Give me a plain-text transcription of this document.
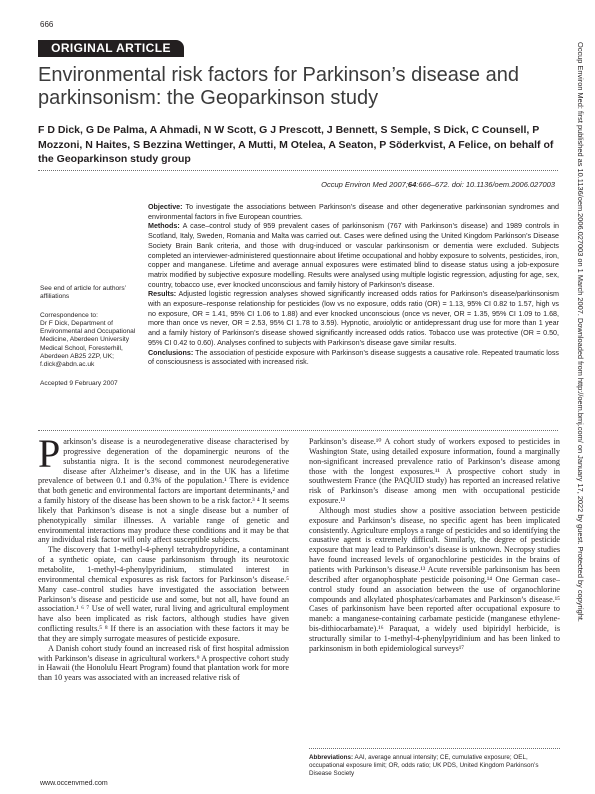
666
ORIGINAL ARTICLE
Environmental risk factors for Parkinson’s disease and parkinsonism: the Geoparkinson study
F D Dick, G De Palma, A Ahmadi, N W Scott, G J Prescott, J Bennett, S Semple, S Dick, C Counsell, P Mozzoni, N Haites, S Bezzina Wettinger, A Mutti, M Otelea, A Seaton, P Söderkvist, A Felice, on behalf of the Geoparkinson study group
Occup Environ Med 2007;64:666–672. doi: 10.1136/oem.2006.027003

See end of article for authors’ affiliations

Correspondence to:

Dr F Dick, Department of Environmental and Occupational Medicine, Aberdeen University Medical School, Foresterhill, Aberdeen AB25 2ZP, UK; f.dick@abdn.ac.uk

Accepted 9 February 2007

Objective: To investigate the associations between Parkinson’s disease and other degenerative parkinsonian syndromes and environmental factors in five European countries.

Methods: A case–control study of 959 prevalent cases of parkinsonism (767 with Parkinson’s disease) and 1989 controls in Scotland, Italy, Sweden, Romania and Malta was carried out. Cases were defined using the United Kingdom Parkinson’s Disease Society Brain Bank criteria, and those with drug-induced or vascular parkinsonism or dementia were excluded. Subjects completed an interviewer-administered questionnaire about lifetime occupational and hobby exposure to solvents, pesticides, iron, copper and manganese. Lifetime and average annual exposures were estimated blind to disease status using a job-exposure matrix modified by subjective exposure modelling. Results were analysed using multiple logistic regression, adjusting for age, sex, country, tobacco use, ever knocked unconscious and family history of Parkinson’s disease.

Results: Adjusted logistic regression analyses showed significantly increased odds ratios for Parkinson’s disease/parkinsonism with an exposure–response relationship for pesticides (low vs no exposure, odds ratio (OR) = 1.13, 95% CI 0.82 to 1.57, high vs no exposure, OR = 1.41, 95% CI 1.06 to 1.88) and ever knocked unconscious (once vs never, OR = 1.35, 95% CI 1.09 to 1.68, more than once vs never, OR = 2.53, 95% CI 1.78 to 3.59). Hypnotic, anxiolytic or antidepressant drug use for more than 1 year and a family history of Parkinson’s disease showed significantly increased odds ratios. Tobacco use was protective (OR = 0.50, 95% CI 0.42 to 0.60). Analyses confined to subjects with Parkinson’s disease gave similar results.

Conclusions: The association of pesticide exposure with Parkinson’s disease suggests a causative role. Repeated traumatic loss of consciousness is associated with increased risk.

Parkinson’s disease is a neurodegenerative disease characterised by progressive degeneration of the dopaminergic neurons of the substantia nigra. It is the second commonest neurodegenerative disease after Alzheimer’s disease, and in the UK has a lifetime prevalence of between 0.1 and 0.3% of the population.¹ There is evidence that both genetic and environmental factors are important determinants,² and a family history of the disease has been shown to be a risk factor.³ ⁴ It seems likely that Parkinson’s disease is not a single disease but a number of phenotypically similar illnesses. A variable range of genetic and environmental interactions may produce these conditions and it may be that any individual risk factor will only affect susceptible subjects.

The discovery that 1-methyl-4-phenyl tetrahydropyridine, a contaminant of a synthetic opiate, can cause parkinsonism through its neurotoxic metabolite, 1-methyl-4-phenylpyridinium, stimulated interest in environmental chemical exposures as risk factors for Parkinson’s disease.⁵ Many case–control studies have investigated the association between Parkinson’s disease and pesticide use and some, but not all, have found an association.¹ ⁶ ⁷ Use of well water, rural living and agricultural employment have also been implicated as risk factors, although studies have given conflicting results.⁵ ⁸ If there is an association with these factors it may be that they are simply surrogate measures of pesticide exposure.

A Danish cohort study found an increased risk of first hospital admission with Parkinson’s disease in agricultural workers.⁹ A prospective cohort study in Hawaii (the Honolulu Heart Program) found that plantation work for more than 10 years was associated with an increased relative risk of

Parkinson’s disease.¹⁰ A cohort study of workers exposed to pesticides in Washington State, using detailed exposure information, found a marginally non-significant increased prevalence ratio of Parkinson’s disease among those with the longest exposures.¹¹ A prospective cohort study in southwestern France (the PAQUID study) has reported an increased relative risk of Parkinson’s disease among men with occupational pesticide exposure.¹²

Although most studies show a positive association between pesticide exposure and Parkinson’s disease, no specific agent has been implicated consistently. Agriculture employs a range of pesticides and so identifying the causative agent is extremely difficult. Similarly, the degree of pesticide exposure that may lead to Parkinson’s disease is unknown. Necropsy studies have found increased levels of organochlorine pesticides in the brains of patients with Parkinson’s disease.¹³ Acute reversible parkinsonism has been described after organophosphate pesticide poisoning.¹⁴ One German case–control study found an association between the use of organochlorine compounds and alkylated phosphates/carbamates and Parkinson’s disease.¹⁵ Cases of parkinsonism have been reported after occupational exposure to maneb: a manganese-containing carbamate pesticide (manganese ethylene-bis-dithiocarbamate).¹⁶ Paraquat, a widely used bipiridyl herbicide, is structurally similar to 1-methyl-4-phenylpyridinium and has been linked to parkinsonism in both epidemiological surveys¹⁷

Abbreviations: AAI, average annual intensity; CE, cumulative exposure; OEL, occupational exposure limit; OR, odds ratio; UK PDS, United Kingdom Parkinson’s Disease Society
www.occenvmed.com
Occup Environ Med: first published as 10.1136/oem.2006.027003 on 1 March 2007. Downloaded from http://oem.bmj.com/ on January 17, 2022 by guest. Protected by copyright.
